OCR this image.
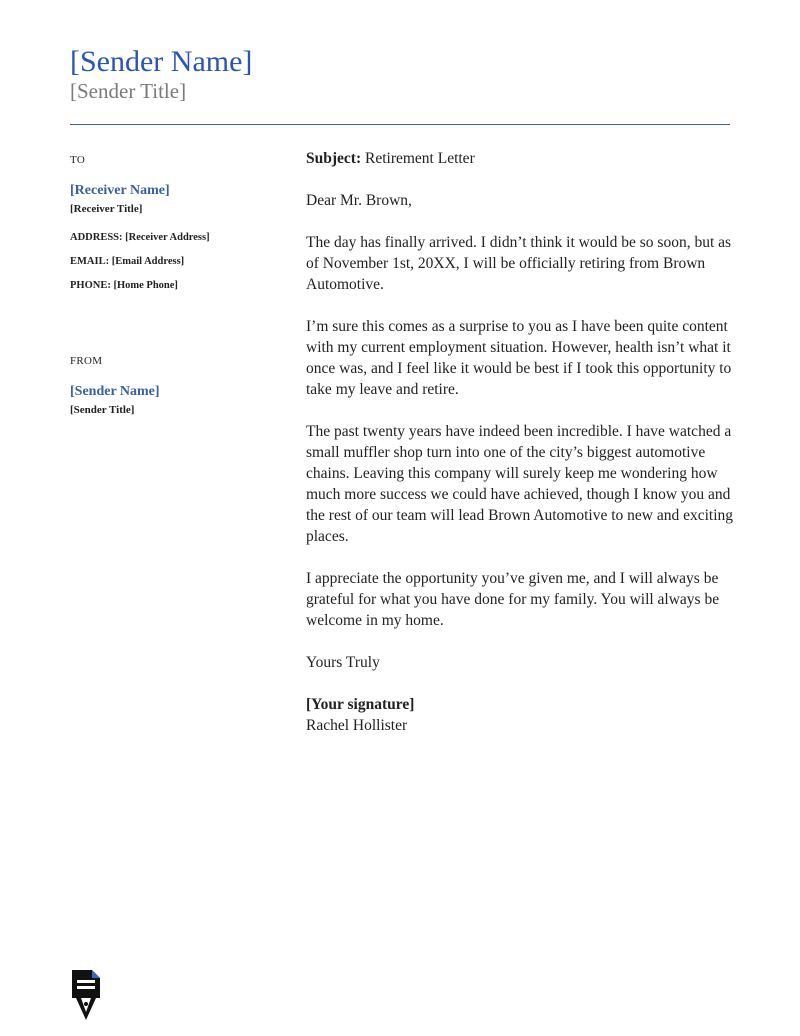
[Sender Name]
[Sender Title]
TO
[Receiver Name]
[Receiver Title]
ADDRESS: [Receiver Address]
EMAIL: [Email Address]
PHONE: [Home Phone]
FROM
[Sender Name]
[Sender Title]

Subject: Retirement Letter

Dear Mr. Brown,

The day has finally arrived. I didn’t think it would be so soon, but as of November 1st, 20XX, I will be officially retiring from Brown Automotive.

I’m sure this comes as a surprise to you as I have been quite content with my current employment situation. However, health isn’t what it once was, and I feel like it would be best if I took this opportunity to take my leave and retire.

The past twenty years have indeed been incredible. I have watched a small muffler shop turn into one of the city’s biggest automotive chains. Leaving this company will surely keep me wondering how much more success we could have achieved, though I know you and the rest of our team will lead Brown Automotive to new and exciting places.

I appreciate the opportunity you’ve given me, and I will always be grateful for what you have done for my family. You will always be welcome in my home.

Yours Truly

[Your signature]

Rachel Hollister
